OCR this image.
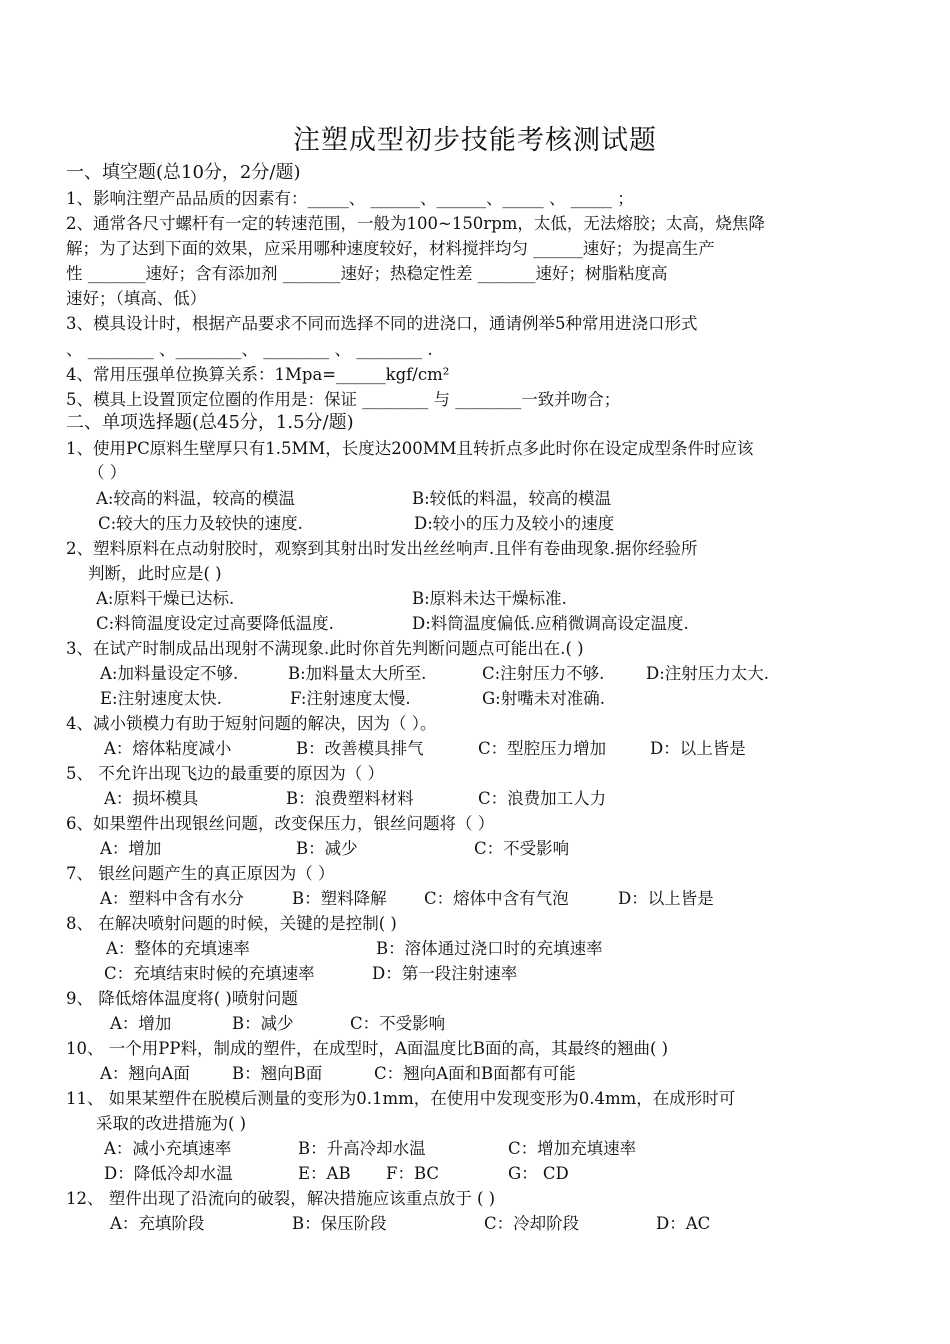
注塑成型初步技能考核测试题
一、填空题(总10分，2分/题)
1、影响注塑产品品质的因素有：_____、 ______、______、_____ 、 _____ ；
2、通常各尺寸螺杆有一定的转速范围，一般为100~150rpm，太低，无法熔胶；太高，烧焦降
解；为了达到下面的效果，应采用哪种速度较好，材料搅拌均匀 ______速好；为提高生产
性 _______速好；含有添加剂 _______速好；热稳定性差 _______速好；树脂粘度高
速好；（填高、低）
3、模具设计时，根据产品要求不同而选择不同的进浇口，通请例举5种常用进浇口形式
、 ________ 、________、 ________ 、 ________ .
4、常用压强单位换算关系：1Mpa=______kgf/cm²
5、模具上设置顶定位圈的作用是：保证 ________ 与 ________一致并吻合；
二、单项选择题(总45分，1.5分/题)
1、使用PC原料生壁厚只有1.5MM，长度达200MM且转折点多此时你在设定成型条件时应该
（ ）
A:较高的料温，较高的模温	B:较低的料温，较高的模温
C:较大的压力及较快的速度.	D:较小的压力及较小的速度
2、塑料原料在点动射胶时，观察到其射出时发出丝丝响声.且伴有卷曲现象.据你经验所
判断，此时应是( )
A:原料干燥已达标.	B:原料未达干燥标准.
C:料筒温度设定过高要降低温度.	D:料筒温度偏低.应稍微调高设定温度.
3、在试产时制成品出现射不满现象.此时你首先判断问题点可能出在.( )
A:加料量设定不够.	B:加料量太大所至.	C:注射压力不够.	D:注射压力太大.
E:注射速度太快.	F:注射速度太慢.	G:射嘴未对准确.
4、减小锁模力有助于短射问题的解决，因为（ ）。
A：熔体粘度减小	B：改善模具排气	C：型腔压力增加	D：以上皆是
5、 不允许出现飞边的最重要的原因为（ ）
A：损坏模具	B：浪费塑料材料	C：浪费加工人力
6、如果塑件出现银丝问题，改变保压力，银丝问题将（ ）
A：增加	B：减少	C：不受影响
7、 银丝问题产生的真正原因为（ ）
A：塑料中含有水分	B：塑料降解 C：熔体中含有气泡	D：以上皆是
8、 在解决喷射问题的时候，关键的是控制( )
A：整体的充填速率	B：溶体通过浇口时的充填速率
C：充填结束时候的充填速率	D：第一段注射速率
9、 降低熔体温度将( )喷射问题
A：增加	B：减少	C：不受影响
10、 一个用PP料，制成的塑件，在成型时，A面温度比B面的高，其最终的翘曲( )
A：翘向A面	B：翘向B面	C：翘向A面和B面都有可能
11、 如果某塑件在脱模后测量的变形为0.1mm，在使用中发现变形为0.4mm，在成形时可
采取的改进措施为( )
A：减小充填速率	B：升高冷却水温	C：增加充填速率
D：降低冷却水温	E：AB F：BC	G： CD
12、 塑件出现了沿流向的破裂，解决措施应该重点放于 ( )
A：充填阶段	B：保压阶段	C：冷却阶段	D：AC
